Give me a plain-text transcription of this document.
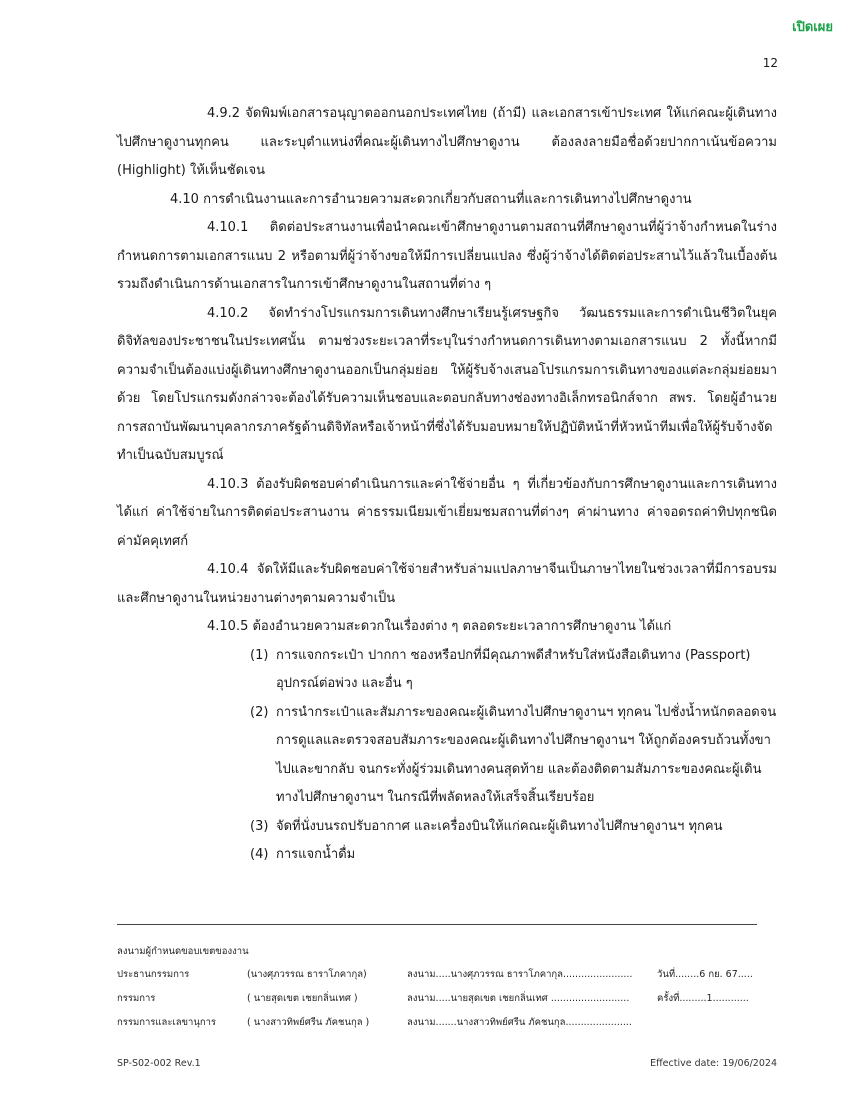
เปิดเผย
12

4.9.2 จัดพิมพ์เอกสารอนุญาตออกนอกประเทศไทย (ถ้ามี) และเอกสารเข้าประเทศ ให้แก่คณะผู้เดินทางไปศึกษาดูงานทุกคน และระบุตำแหน่งที่คณะผู้เดินทางไปศึกษาดูงาน ต้องลงลายมือชื่อด้วยปากกาเน้นข้อความ (Highlight) ให้เห็นชัดเจน

4.10 การดำเนินงานและการอำนวยความสะดวกเกี่ยวกับสถานที่และการเดินทางไปศึกษาดูงาน

4.10.1 ติดต่อประสานงานเพื่อนำคณะเข้าศึกษาดูงานตามสถานที่ศึกษาดูงานที่ผู้ว่าจ้างกำหนดในร่างกำหนดการตามเอกสารแนบ 2 หรือตามที่ผู้ว่าจ้างขอให้มีการเปลี่ยนแปลง ซึ่งผู้ว่าจ้างได้ติดต่อประสานไว้แล้วในเบื้องต้น รวมถึงดำเนินการด้านเอกสารในการเข้าศึกษาดูงานในสถานที่ต่าง ๆ

4.10.2 จัดทำร่างโปรแกรมการเดินทางศึกษาเรียนรู้เศรษฐกิจ วัฒนธรรมและการดำเนินชีวิตในยุคดิจิทัลของประชาชนในประเทศนั้น ตามช่วงระยะเวลาที่ระบุในร่างกำหนดการเดินทางตามเอกสารแนบ 2 ทั้งนี้หากมีความจำเป็นต้องแบ่งผู้เดินทางศึกษาดูงานออกเป็นกลุ่มย่อย ให้ผู้รับจ้างเสนอโปรแกรมการเดินทางของแต่ละกลุ่มย่อยมาด้วย โดยโปรแกรมดังกล่าวจะต้องได้รับความเห็นชอบและตอบกลับทางช่องทางอิเล็กทรอนิกส์จาก สพร. โดยผู้อำนวยการสถาบันพัฒนาบุคลากรภาครัฐด้านดิจิทัลหรือเจ้าหน้าที่ซึ่งได้รับมอบหมายให้ปฏิบัติหน้าที่หัวหน้าทีมเพื่อให้ผู้รับจ้างจัดทำเป็นฉบับสมบูรณ์

4.10.3 ต้องรับผิดชอบค่าดำเนินการและค่าใช้จ่ายอื่น ๆ ที่เกี่ยวข้องกับการศึกษาดูงานและการเดินทาง ได้แก่ ค่าใช้จ่ายในการติดต่อประสานงาน ค่าธรรมเนียมเข้าเยี่ยมชมสถานที่ต่างๆ ค่าผ่านทาง ค่าจอดรถค่าทิปทุกชนิด ค่ามัคคุเทศก์

4.10.4 จัดให้มีและรับผิดชอบค่าใช้จ่ายสำหรับล่ามแปลภาษาจีนเป็นภาษาไทยในช่วงเวลาที่มีการอบรมและศึกษาดูงานในหน่วยงานต่างๆตามความจำเป็น

4.10.5 ต้องอำนวยความสะดวกในเรื่องต่าง ๆ ตลอดระยะเวลาการศึกษาดูงาน ได้แก่

(1) การแจกกระเป๋า ปากกา ซองหรือปกที่มีคุณภาพดีสำหรับใส่หนังสือเดินทาง (Passport) อุปกรณ์ต่อพ่วง และอื่น ๆ
(2) การนำกระเป๋าและสัมภาระของคณะผู้เดินทางไปศึกษาดูงานฯ ทุกคน ไปชั่งน้ำหนักตลอดจนการดูแลและตรวจสอบสัมภาระของคณะผู้เดินทางไปศึกษาดูงานฯ ให้ถูกต้องครบถ้วนทั้งขาไปและขากลับ จนกระทั่งผู้ร่วมเดินทางคนสุดท้าย และต้องติดตามสัมภาระของคณะผู้เดินทางไปศึกษาดูงานฯ ในกรณีที่พลัดหลงให้เสร็จสิ้นเรียบร้อย
(3) จัดที่นั่งบนรถปรับอากาศ และเครื่องบินให้แก่คณะผู้เดินทางไปศึกษาดูงานฯ ทุกคน
(4) การแจกน้ำดื่ม
ลงนามผู้กำหนดขอบเขตของงาน
ประธานกรรมการ	(นางศุภวรรณ ธาราโภคากุล)	ลงนาม.....นางศุภวรรณ ธาราโภคากุล.......................	วันที่........6 กย. 67.....
กรรมการ	( นายสุดเขต เชยกลิ่นเทศ )	ลงนาม.....นายสุดเขต เชยกลิ่นเทศ ..........................	ครั้งที่.........1............
กรรมการและเลขานุการ	( นางสาวทิพย์ศรีน ภัคชนกุล )	ลงนาม.......นางสาวทิพย์ศรีน ภัคชนกุล......................
SP-S02-002 Rev.1	Effective date: 19/06/2024
